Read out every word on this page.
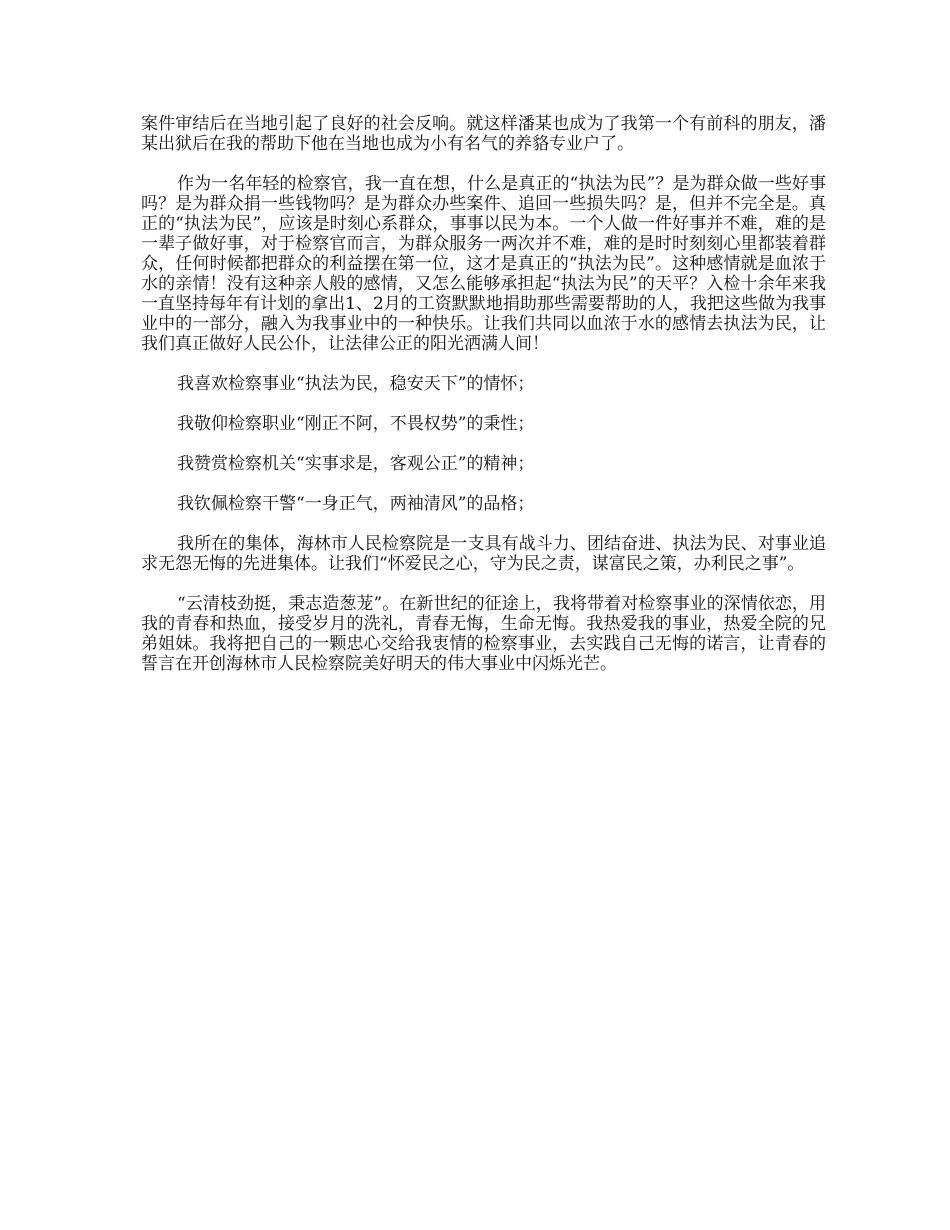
案件审结后在当地引起了良好的社会反响。就这样潘某也成为了我第一个有前科的朋友，潘某出狱后在我的帮助下他在当地也成为小有名气的养貉专业户了。

作为一名年轻的检察官，我一直在想，什么是真正的“执法为民”？是为群众做一些好事吗？是为群众捐一些钱物吗？是为群众办些案件、追回一些损失吗？是，但并不完全是。真正的“执法为民”，应该是时刻心系群众，事事以民为本。一个人做一件好事并不难，难的是一辈子做好事，对于检察官而言，为群众服务一两次并不难，难的是时时刻刻心里都装着群众，任何时候都把群众的利益摆在第一位，这才是真正的“执法为民”。这种感情就是血浓于水的亲情！没有这种亲人般的感情，又怎么能够承担起“执法为民”的天平？入检十余年来我一直坚持每年有计划的拿出1、2月的工资默默地捐助那些需要帮助的人，我把这些做为我事业中的一部分，融入为我事业中的一种快乐。让我们共同以血浓于水的感情去执法为民，让我们真正做好人民公仆，让法律公正的阳光洒满人间！

我喜欢检察事业“执法为民，稳安天下”的情怀；

我敬仰检察职业“刚正不阿，不畏权势”的秉性；

我赞赏检察机关“实事求是，客观公正”的精神；

我钦佩检察干警“一身正气，两袖清风”的品格；

我所在的集体，海林市人民检察院是一支具有战斗力、团结奋进、执法为民、对事业追求无怨无悔的先进集体。让我们“怀爱民之心，守为民之责，谋富民之策，办利民之事”。

“云清枝劲挺，秉志造葱茏”。在新世纪的征途上，我将带着对检察事业的深情依恋，用我的青春和热血，接受岁月的洗礼，青春无悔，生命无悔。我热爱我的事业，热爱全院的兄弟姐妹。我将把自己的一颗忠心交给我衷情的检察事业，去实践自己无悔的诺言，让青春的誓言在开创海林市人民检察院美好明天的伟大事业中闪烁光芒。
